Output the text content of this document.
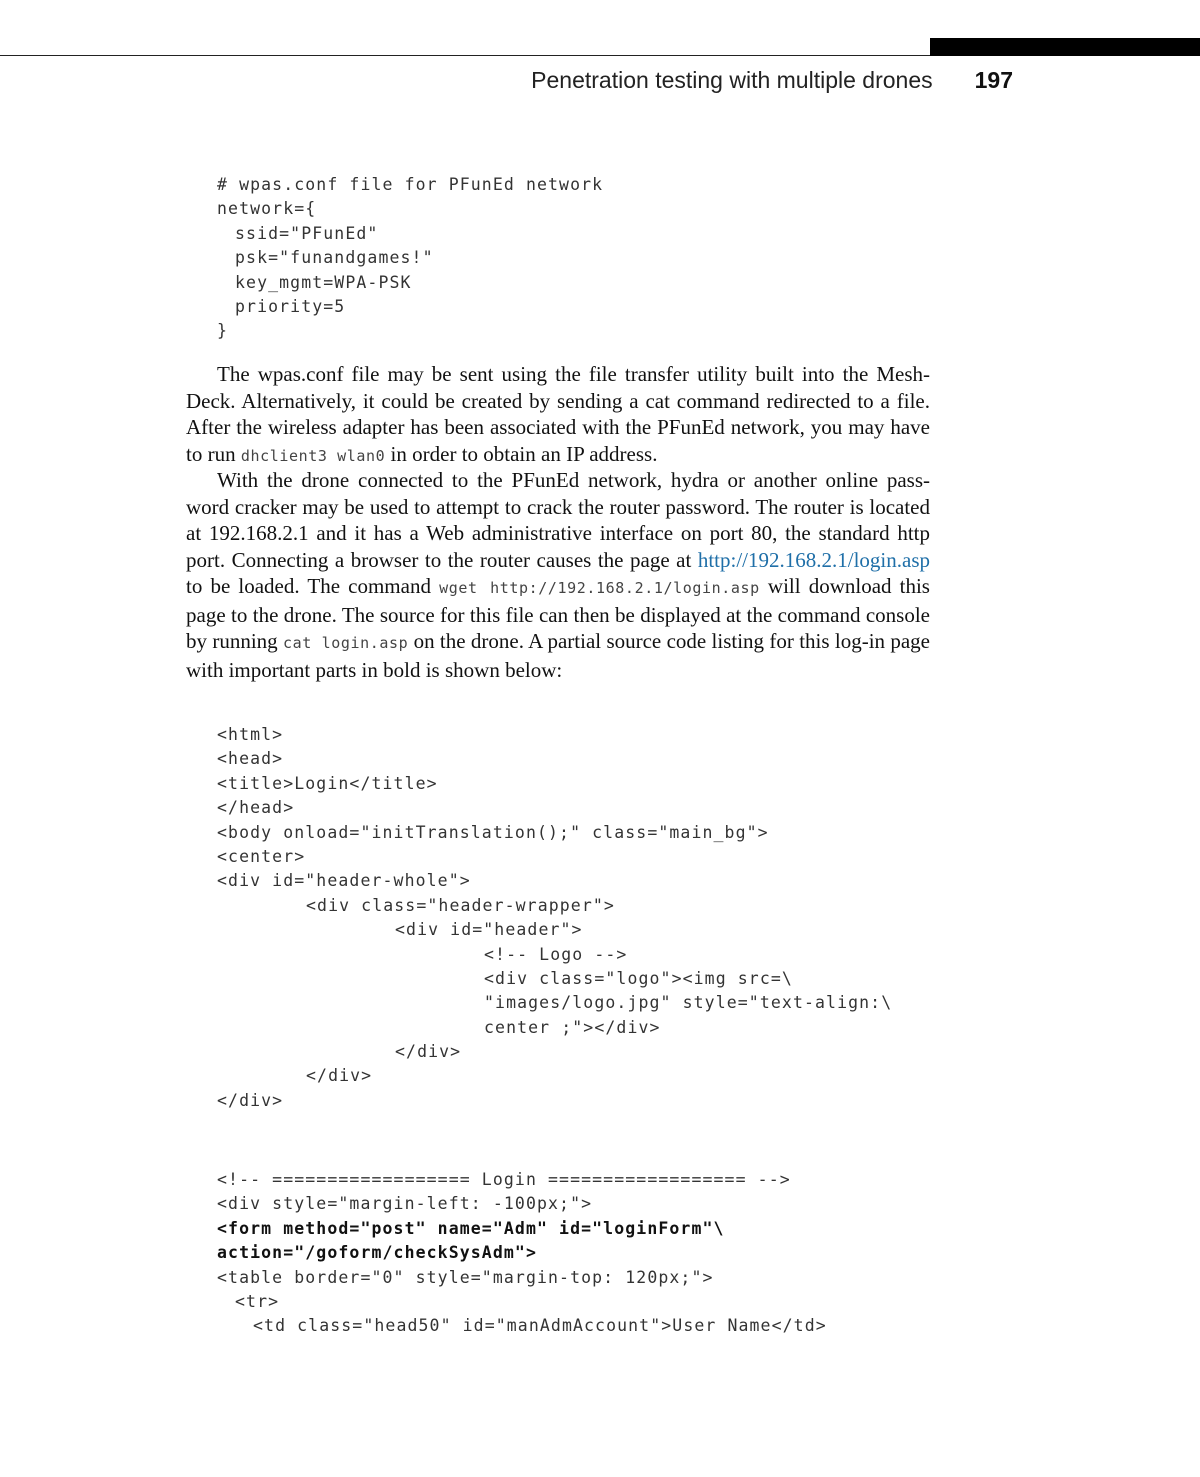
Penetration testing with multiple drones 197
# wpas.conf file for PFunEd network
network={
ssid="PFunEd"
psk="funandgames!"
key_mgmt=WPA-PSK
priority=5
}

The wpas.conf file may be sent using the file transfer utility built into the Mesh-Deck. Alternatively, it could be created by sending a cat command redirected to a file. After the wireless adapter has been associated with the PFunEd network, you may have to run dhclient3 wlan0 in order to obtain an IP address.

With the drone connected to the PFunEd network, hydra or another online pass-word cracker may be used to attempt to crack the router password. The router is located at 192.168.2.1 and it has a Web administrative interface on port 80, the standard http port. Connecting a browser to the router causes the page at http://192.168.2.1/login.asp to be loaded. The command wget http://192.168.2.1/login.asp will download this page to the drone. The source for this file can then be displayed at the command console by running cat login.asp on the drone. A partial source code listing for this log-in page with important parts in bold is shown below:

<html>
<head>
<title>Login</title>
</head>
<body onload="initTranslation();" class="main_bg">
<center>
<div id="header-whole">
<div class="header-wrapper">
<div id="header">
<!-- Logo -->
<div class="logo"><img src=\
"images/logo.jpg" style="text-align:\
center ;"></div>
</div>
</div>
</div>
<!-- ================== Login ================== -->
<div style="margin-left: -100px;">
<form method="post" name="Adm" id="loginForm"\
action="/goform/checkSysAdm">
<table border="0" style="margin-top: 120px;">
<tr>
<td class="head50" id="manAdmAccount">User Name</td>
